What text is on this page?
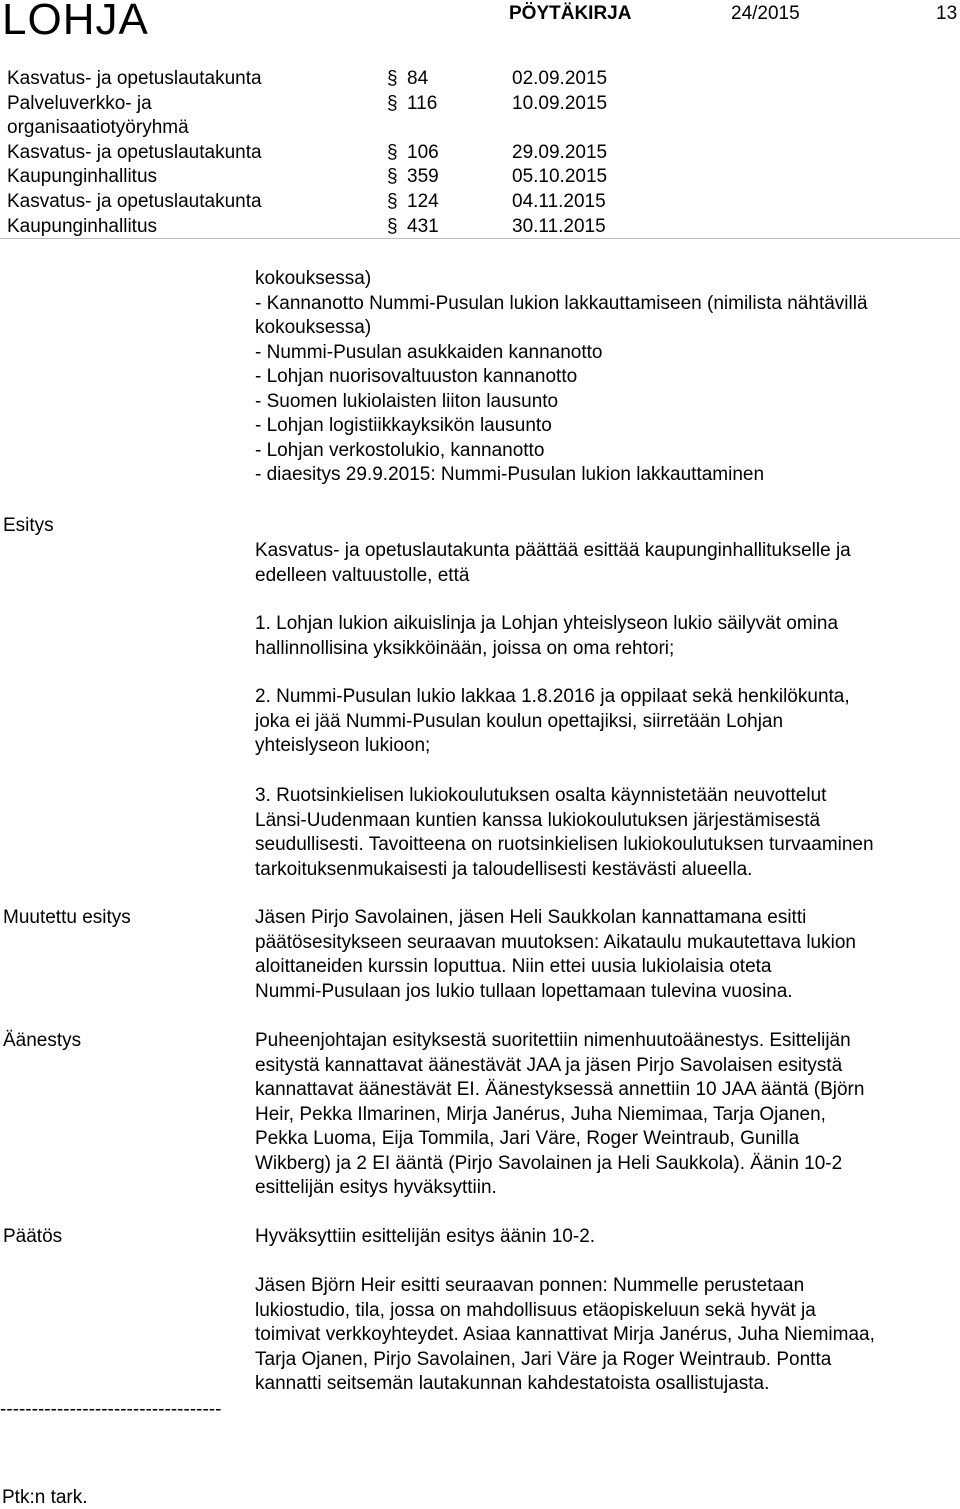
LOHJA	PÖYTÄKIRJA	24/2015	13
Kasvatus- ja opetuslautakunta §	84	02.09.2015
Palveluverkko- ja §	116	10.09.2015
organisaatiotyöryhmä
Kasvatus- ja opetuslautakunta §	106	29.09.2015
Kaupunginhallitus §	359	05.10.2015
Kasvatus- ja opetuslautakunta §	124	04.11.2015
Kaupunginhallitus §	431	30.11.2015
kokouksessa)
- Kannanotto Nummi-Pusulan lukion lakkauttamiseen (nimilista nähtävillä
kokouksessa)
- Nummi-Pusulan asukkaiden kannanotto
- Lohjan nuorisovaltuuston kannanotto
- Suomen lukiolaisten liiton lausunto
- Lohjan logistiikkayksikön lausunto
- Lohjan verkostolukio, kannanotto
- diaesitys 29.9.2015: Nummi-Pusulan lukion lakkauttaminen
Esitys
Kasvatus- ja opetuslautakunta päättää esittää kaupunginhallitukselle ja
edelleen valtuustolle, että
1. Lohjan lukion aikuislinja ja Lohjan yhteislyseon lukio säilyvät omina
hallinnollisina yksikköinään, joissa on oma rehtori;
2. Nummi-Pusulan lukio lakkaa 1.8.2016 ja oppilaat sekä henkilökunta,
joka ei jää Nummi-Pusulan koulun opettajiksi, siirretään Lohjan
yhteislyseon lukioon;
3. Ruotsinkielisen lukiokoulutuksen osalta käynnistetään neuvottelut
Länsi-Uudenmaan kuntien kanssa lukiokoulutuksen järjestämisestä
seudullisesti. Tavoitteena on ruotsinkielisen lukiokoulutuksen turvaaminen
tarkoituksenmukaisesti ja taloudellisesti kestävästi alueella.
Muutettu esitys	Jäsen Pirjo Savolainen, jäsen Heli Saukkolan kannattamana esitti
päätösesitykseen seuraavan muutoksen: Aikataulu mukautettava lukion
aloittaneiden kurssin loputtua. Niin ettei uusia lukiolaisia oteta
Nummi-Pusulaan jos lukio tullaan lopettamaan tulevina vuosina.
Äänestys	Puheenjohtajan esityksestä suoritettiin nimenhuutoäänestys. Esittelijän
esitystä kannattavat äänestävät JAA ja jäsen Pirjo Savolaisen esitystä
kannattavat äänestävät EI. Äänestyksessä annettiin 10 JAA ääntä (Björn
Heir, Pekka Ilmarinen, Mirja Janérus, Juha Niemimaa, Tarja Ojanen,
Pekka Luoma, Eija Tommila, Jari Väre, Roger Weintraub, Gunilla
Wikberg) ja 2 EI ääntä (Pirjo Savolainen ja Heli Saukkola). Äänin 10-2
esittelijän esitys hyväksyttiin.
Päätös	Hyväksyttiin esittelijän esitys äänin 10-2.
Jäsen Björn Heir esitti seuraavan ponnen: Nummelle perustetaan
lukiostudio, tila, jossa on mahdollisuus etäopiskeluun sekä hyvät ja
toimivat verkkoyhteydet. Asiaa kannattivat Mirja Janérus, Juha Niemimaa,
Tarja Ojanen, Pirjo Savolainen, Jari Väre ja Roger Weintraub. Pontta
kannatti seitsemän lautakunnan kahdestatoista osallistujasta.
-----------------------------------
Ptk:n tark.
